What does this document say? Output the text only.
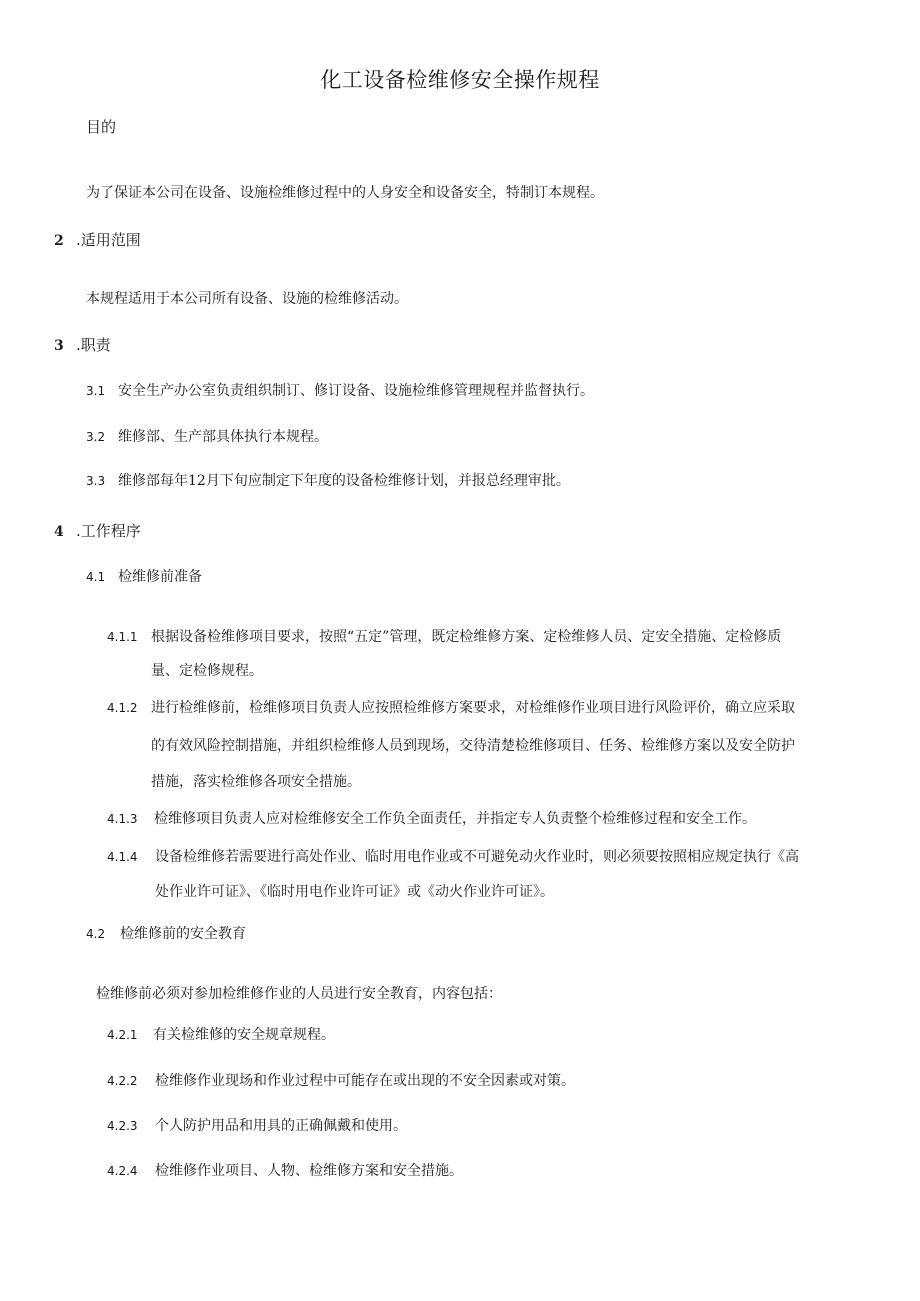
化工设备检维修安全操作规程
目的
为了保证本公司在设备、设施检维修过程中的人身安全和设备安全，特制订本规程。
2 .适用范围
本规程适用于本公司所有设备、设施的检维修活动。
3 .职责
3.1 安全生产办公室负责组织制订、修订设备、设施检维修管理规程并监督执行。
3.2 维修部、生产部具体执行本规程。
3.3 维修部每年12月下旬应制定下年度的设备检维修计划，并报总经理审批。
4 .工作程序
4.1 检维修前准备
4.1.1 根据设备检维修项目要求，按照“五定”管理，既定检维修方案、定检维修人员、定安全措施、定检修质
量、定检修规程。
4.1.2 进行检维修前，检维修项目负责人应按照检维修方案要求，对检维修作业项目进行风险评价，确立应采取
的有效风险控制措施，并组织检维修人员到现场，交待清楚检维修项目、任务、检维修方案以及安全防护
措施，落实检维修各项安全措施。
4.1.3 检维修项目负责人应对检维修安全工作负全面责任，并指定专人负责整个检维修过程和安全工作。
4.1.4 设备检维修若需要进行高处作业、临时用电作业或不可避免动火作业时，则必须要按照相应规定执行《高
处作业许可证》、《临时用电作业许可证》或《动火作业许可证》。
4.2 检维修前的安全教育
检维修前必须对参加检维修作业的人员进行安全教育，内容包括：
4.2.1 有关检维修的安全规章规程。
4.2.2 检维修作业现场和作业过程中可能存在或出现的不安全因素或对策。
4.2.3 个人防护用品和用具的正确佩戴和使用。
4.2.4 检维修作业项目、人物、检维修方案和安全措施。
